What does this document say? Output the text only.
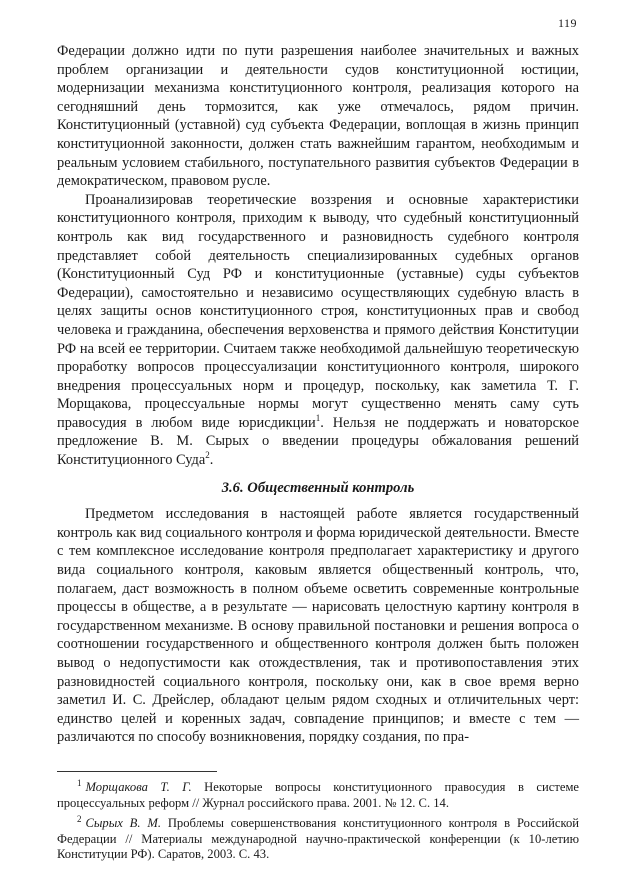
119

Федерации должно идти по пути разрешения наиболее значительных и важных проблем организации и деятельности судов конституционной юстиции, модернизации механизма конституционного контроля, реализация которого на сегодняшний день тормозится, как уже отмечалось, рядом причин. Конституционный (уставной) суд субъекта Федерации, воплощая в жизнь принцип конституционной законности, должен стать важнейшим гарантом, необходимым и реальным условием стабильного, поступательного развития субъектов Федерации в демократическом, правовом русле.

Проанализировав теоретические воззрения и основные характеристики конституционного контроля, приходим к выводу, что судебный конституционный контроль как вид государственного и разновидность судебного контроля представляет собой деятельность специализированных судебных органов (Конституционный Суд РФ и конституционные (уставные) суды субъектов Федерации), самостоятельно и независимо осуществляющих судебную власть в целях защиты основ конституционного строя, конституционных прав и свобод человека и гражданина, обеспечения верховенства и прямого действия Конституции РФ на всей ее территории. Считаем также необходимой дальнейшую теоретическую проработку вопросов процессуализации конституционного контроля, широкого внедрения процессуальных норм и процедур, поскольку, как заметила Т. Г. Морщакова, процессуальные нормы могут существенно менять саму суть правосудия в любом виде юрисдикции$^1$. Нельзя не поддержать и новаторское предложение В. М. Сырых о введении процедуры обжалования решений Конституционного Суда$^2$.

3.6. Общественный контроль

Предметом исследования в настоящей работе является государственный контроль как вид социального контроля и форма юридической деятельности. Вместе с тем комплексное исследование контроля предполагает характеристику и другого вида социального контроля, каковым является общественный контроль, что, полагаем, даст возможность в полном объеме осветить современные контрольные процессы в обществе, а в результате — нарисовать целостную картину контроля в государственном механизме. В основу правильной постановки и решения вопроса о соотношении государственного и общественного контроля должен быть положен вывод о недопустимости как отождествления, так и противопоставления этих разновидностей социального контроля, поскольку они, как в свое время верно заметил И. С. Дрейслер, обладают целым рядом сходных и отличительных черт: единство целей и коренных задач, совпадение принципов; и вместе с тем — различаются по способу возникновения, порядку создания, по пра-

$^1$ Морщакова Т. Г. Некоторые вопросы конституционного правосудия в системе процессуальных реформ // Журнал российского права. 2001. № 12. С. 14.

$^2$ Сырых В. М. Проблемы совершенствования конституционного контроля в Российской Федерации // Материалы международной научно-практической конференции (к 10-летию Конституции РФ). Саратов, 2003. С. 43.
